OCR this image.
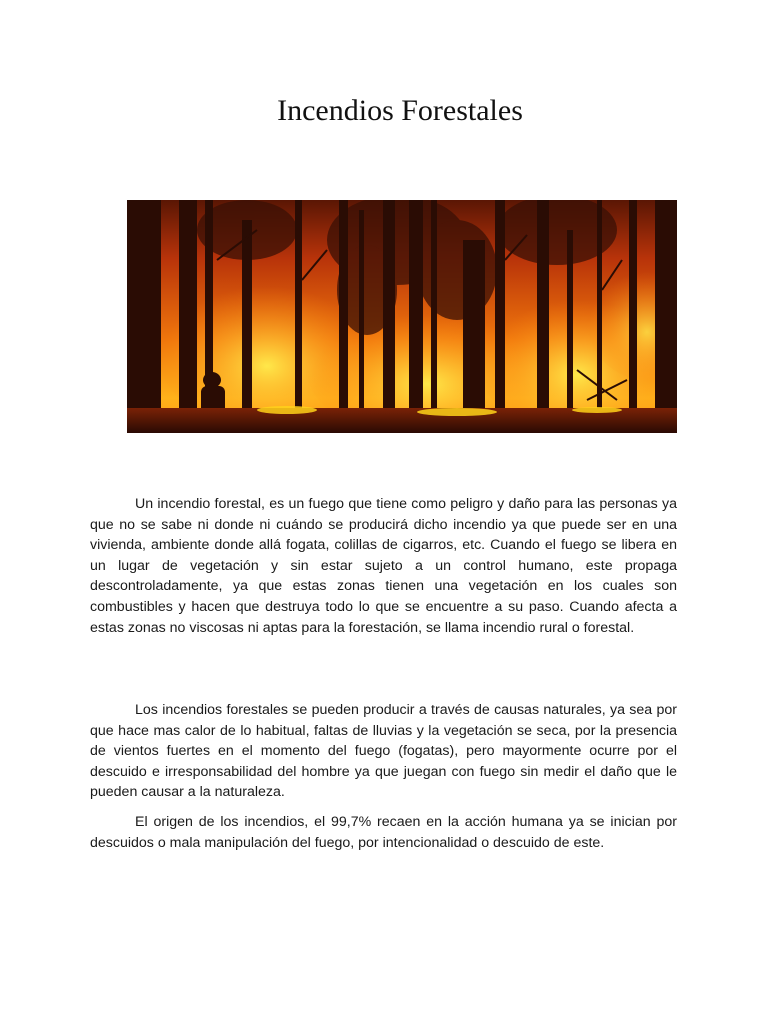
Incendios Forestales

Un incendio forestal, es un fuego que tiene como peligro y daño para las personas ya que no se sabe ni donde ni cuándo se producirá dicho incendio ya que puede ser en una vivienda, ambiente donde allá fogata, colillas de cigarros, etc. Cuando el fuego se libera en un lugar de vegetación y sin estar sujeto a un control humano, este propaga descontroladamente, ya que estas zonas tienen una vegetación en los cuales son combustibles y hacen que destruya todo lo que se encuentre a su paso. Cuando afecta a estas zonas no viscosas ni aptas para la forestación, se llama incendio rural o forestal.

Los incendios forestales se pueden producir a través de causas naturales, ya sea por que hace mas calor de lo habitual, faltas de lluvias y la vegetación se seca, por la presencia de vientos fuertes en el momento del fuego (fogatas), pero mayormente ocurre por el descuido e irresponsabilidad del hombre ya que juegan con fuego sin medir el daño que le pueden causar a la naturaleza.

El origen de los incendios, el 99,7% recaen en la acción humana ya se inician por descuidos o mala manipulación del fuego, por intencionalidad o descuido de este.
